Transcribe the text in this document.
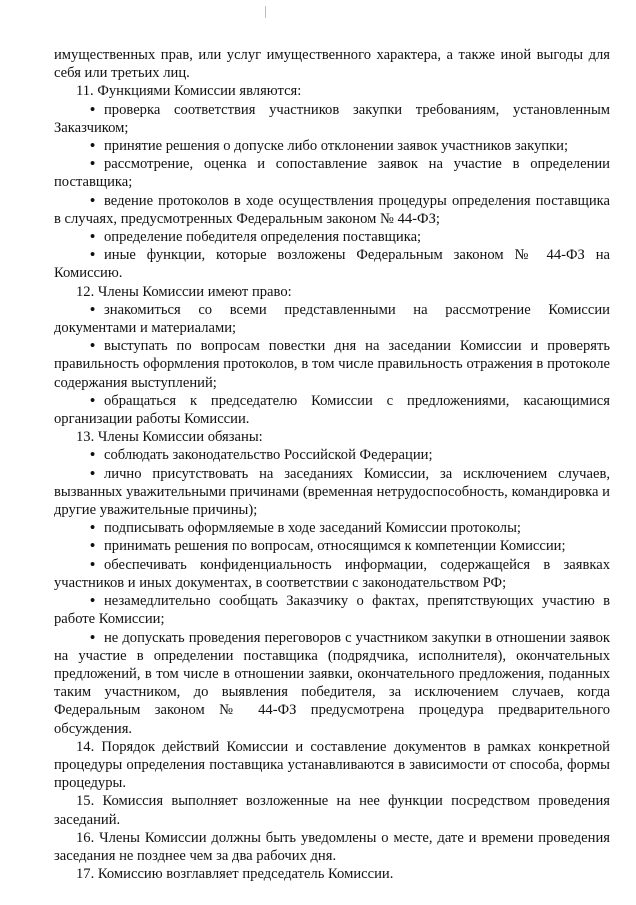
имущественных прав, или услуг имущественного характера, а также иной выгоды для себя или третьих лиц.

11. Функциями Комиссии являются:

• проверка соответствия участников закупки требованиям, установленным Заказчиком;

• принятие решения о допуске либо отклонении заявок участников закупки;

• рассмотрение, оценка и сопоставление заявок на участие в определении поставщика;

• ведение протоколов в ходе осуществления процедуры определения поставщика в случаях, предусмотренных Федеральным законом № 44-ФЗ;

• определение победителя определения поставщика;

• иные функции, которые возложены Федеральным законом № 44-ФЗ на Комиссию.

12. Члены Комиссии имеют право:

• знакомиться со всеми представленными на рассмотрение Комиссии документами и материалами;

• выступать по вопросам повестки дня на заседании Комиссии и проверять правильность оформления протоколов, в том числе правильность отражения в протоколе содержания выступлений;

• обращаться к председателю Комиссии с предложениями, касающимися организации работы Комиссии.

13. Члены Комиссии обязаны:

• соблюдать законодательство Российской Федерации;

• лично присутствовать на заседаниях Комиссии, за исключением случаев, вызванных уважительными причинами (временная нетрудоспособность, командировка и другие уважительные причины);

• подписывать оформляемые в ходе заседаний Комиссии протоколы;

• принимать решения по вопросам, относящимся к компетенции Комиссии;

• обеспечивать конфиденциальность информации, содержащейся в заявках участников и иных документах, в соответствии с законодательством РФ;

• незамедлительно сообщать Заказчику о фактах, препятствующих участию в работе Комиссии;

• не допускать проведения переговоров с участником закупки в отношении заявок на участие в определении поставщика (подрядчика, исполнителя), окончательных предложений, в том числе в отношении заявки, окончательного предложения, поданных таким участником, до выявления победителя, за исключением случаев, когда Федеральным законом № 44-ФЗ предусмотрена процедура предварительного обсуждения.

14. Порядок действий Комиссии и составление документов в рамках конкретной процедуры определения поставщика устанавливаются в зависимости от способа, формы процедуры.

15. Комиссия выполняет возложенные на нее функции посредством проведения заседаний.

16. Члены Комиссии должны быть уведомлены о месте, дате и времени проведения заседания не позднее чем за два рабочих дня.

17. Комиссию возглавляет председатель Комиссии.
